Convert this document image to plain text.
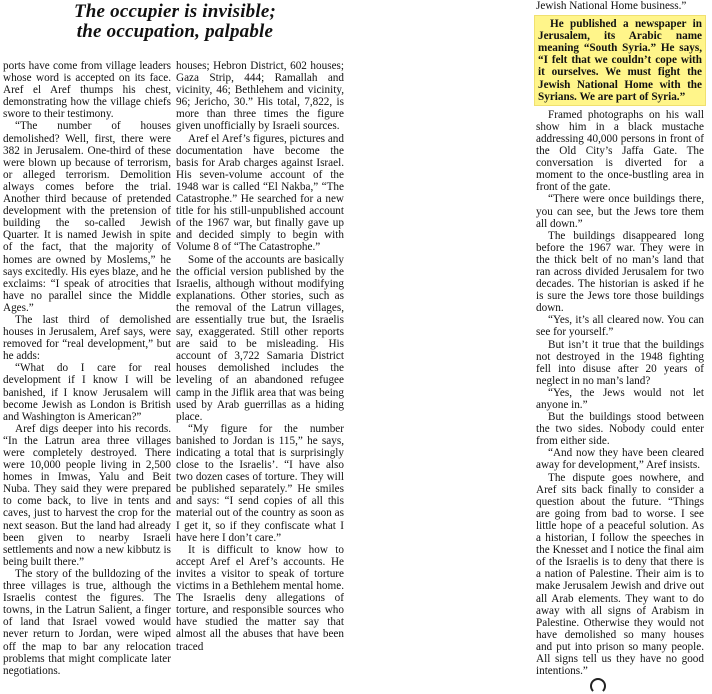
The occupier is invisible;
the occupation, palpable

ports have come from village leaders whose word is accepted on its face. Aref el Aref thumps his chest, demonstrating how the village chiefs swore to their testimony.

“The number of houses demolished? Well, first, there were 382 in Jerusalem. One-third of these were blown up because of terrorism, or alleged terrorism. Demolition always comes before the trial. Another third because of pretended development with the pretension of building the so-called Jewish Quarter. It is named Jewish in spite of the fact, that the majority of homes are owned by Moslems,” he says excitedly. His eyes blaze, and he exclaims: “I speak of atrocities that have no parallel since the Middle Ages.”

The last third of demolished houses in Jerusalem, Aref says, were removed for “real development,” but he adds:

“What do I care for real development if I know I will be banished, if I know Jerusalem will become Jewish as London is British and Washington is American?”

Aref digs deeper into his records. “In the Latrun area three villages were completely destroyed. There were 10,000 people living in 2,500 homes in Imwas, Yalu and Beit Nuba. They said they were prepared to come back, to live in tents and caves, just to harvest the crop for the next season. But the land had already been given to nearby Israeli settlements and now a new kibbutz is being built there.”

The story of the bulldozing of the three villages is true, although the Israelis contest the figures. The towns, in the Latrun Salient, a finger of land that Israel vowed would never return to Jordan, were wiped off the map to bar any relocation problems that might complicate later negotiations.

houses; Hebron District, 602 houses; Gaza Strip, 444; Ramallah and vicinity, 46; Bethlehem and vicinity, 96; Jericho, 30.” His total, 7,822, is more than three times the figure given unofficially by Israeli sources.

Aref el Aref’s figures, pictures and documentation have become the basis for Arab charges against Israel. His seven-volume account of the 1948 war is called “El Nakba,” “The Catastrophe.” He searched for a new title for his still-unpublished account of the 1967 war, but finally gave up and decided simply to begin with Volume 8 of “The Catastrophe.”

Some of the accounts are basically the official version published by the Israelis, although without modifying explanations. Other stories, such as the removal of the Latrun villages, are essentially true but, the Israelis say, exaggerated. Still other reports are said to be misleading. His account of 3,722 Samaria District houses demolished includes the leveling of an abandoned refugee camp in the Jiflik area that was being used by Arab guerrillas as a hiding place.

“My figure for the number banished to Jordan is 115,” he says, indicating a total that is surprisingly close to the Israelis’. “I have also two dozen cases of torture. They will be published separately.” He smiles and says: “I send copies of all this material out of the country as soon as I get it, so if they confiscate what I have here I don’t care.”

It is difficult to know how to accept Aref el Aref’s accounts. He invites a visitor to speak of torture victims in a Bethlehem mental home. The Israelis deny allegations of torture, and responsible sources who have studied the matter say that almost all the abuses that have been traced

Jewish National Home business.”

He published a newspaper in Jerusalem, its Arabic name meaning “South Syria.” He says, “I felt that we couldn’t cope with it ourselves. We must fight the Jewish National Home with the Syrians. We are part of Syria.”

Framed photographs on his wall show him in a black mustache addressing 40,000 persons in front of the Old City’s Jaffa Gate. The conversation is diverted for a moment to the once-bustling area in front of the gate.

“There were once buildings there, you can see, but the Jews tore them all down.”

The buildings disappeared long before the 1967 war. They were in the thick belt of no man’s land that ran across divided Jerusalem for two decades. The historian is asked if he is sure the Jews tore those buildings down.

“Yes, it’s all cleared now. You can see for yourself.”

But isn’t it true that the buildings not destroyed in the 1948 fighting fell into disuse after 20 years of neglect in no man’s land?

“Yes, the Jews would not let anyone in.”

But the buildings stood between the two sides. Nobody could enter from either side.

“And now they have been cleared away for development,” Aref insists.

The dispute goes nowhere, and Aref sits back finally to consider a question about the future. “Things are going from bad to worse. I see little hope of a peaceful solution. As a historian, I follow the speeches in the Knesset and I notice the final aim of the Israelis is to deny that there is a nation of Palestine. Their aim is to make Jerusalem Jewish and drive out all Arab elements. They want to do away with all signs of Arabism in Palestine. Otherwise they would not have demolished so many houses and put into prison so many people. All signs tell us they have no good intentions.”
